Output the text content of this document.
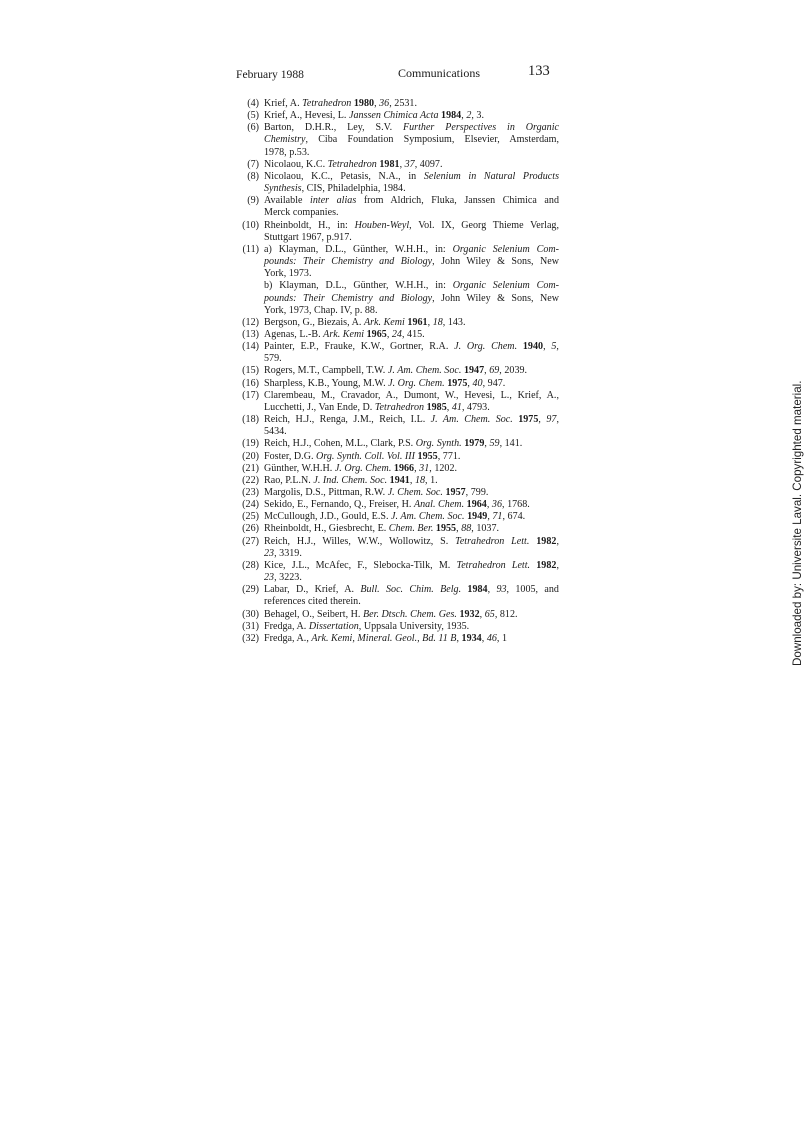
February 1988	Communications	133
(4) Krief, A. Tetrahedron 1980, 36, 2531.
(5) Krief, A., Hevesi, L. Janssen Chimica Acta 1984, 2, 3.
(6) Barton, D.H.R., Ley, S.V. Further Perspectives in Organic
Chemistry, Ciba Foundation Symposium, Elsevier, Amsterdam,
1978, p.53.
(7) Nicolaou, K.C. Tetrahedron 1981, 37, 4097.
(8) Nicolaou, K.C., Petasis, N.A., in Selenium in Natural Products
Synthesis, CIS, Philadelphia, 1984.
(9) Available inter alias from Aldrich, Fluka, Janssen Chimica and
Merck companies.
(10) Rheinboldt, H., in: Houben-Weyl, Vol. IX, Georg Thieme Verlag,
Stuttgart 1967, p.917.
(11) a) Klayman, D.L., Günther, W.H.H., in: Organic Selenium Com-
pounds: Their Chemistry and Biology, John Wiley & Sons, New
York, 1973.
b) Klayman, D.L., Günther, W.H.H., in: Organic Selenium Com-
pounds: Their Chemistry and Biology, John Wiley & Sons, New
York, 1973, Chap. IV, p. 88.
(12) Bergson, G., Biezais, A. Ark. Kemi 1961, 18, 143.
(13) Agenas, L.-B. Ark. Kemi 1965, 24, 415.
(14) Painter, E.P., Frauke, K.W., Gortner, R.A. J. Org. Chem. 1940, 5,
579.
(15) Rogers, M.T., Campbell, T.W. J. Am. Chem. Soc. 1947, 69, 2039.
(16) Sharpless, K.B., Young, M.W. J. Org. Chem. 1975, 40, 947.
(17) Clarembeau, M., Cravador, A., Dumont, W., Hevesi, L., Krief, A.,
Lucchetti, J., Van Ende, D. Tetrahedron 1985, 41, 4793.
(18) Reich, H.J., Renga, J.M., Reich, I.L. J. Am. Chem. Soc. 1975, 97,
5434.
(19) Reich, H.J., Cohen, M.L., Clark, P.S. Org. Synth. 1979, 59, 141.
(20) Foster, D.G. Org. Synth. Coll. Vol. III 1955, 771.
(21) Günther, W.H.H. J. Org. Chem. 1966, 31, 1202.
(22) Rao, P.L.N. J. Ind. Chem. Soc. 1941, 18, 1.
(23) Margolis, D.S., Pittman, R.W. J. Chem. Soc. 1957, 799.
(24) Sekido, E., Fernando, Q., Freiser, H. Anal. Chem. 1964, 36, 1768.
(25) McCullough, J.D., Gould, E.S. J. Am. Chem. Soc. 1949, 71, 674.
(26) Rheinboldt, H., Giesbrecht, E. Chem. Ber. 1955, 88, 1037.
(27) Reich, H.J., Willes, W.W., Wollowitz, S. Tetrahedron Lett. 1982,
23, 3319.
(28) Kice, J.L., McAfec, F., Slebocka-Tilk, M. Tetrahedron Lett. 1982,
23, 3223.
(29) Labar, D., Krief, A. Bull. Soc. Chim. Belg. 1984, 93, 1005, and
references cited therein.
(30) Behagel, O., Seibert, H. Ber. Dtsch. Chem. Ges. 1932, 65, 812.
(31) Fredga, A. Dissertation, Uppsala University, 1935.
(32) Fredga, A., Ark. Kemi, Mineral. Geol., Bd. 11 B, 1934, 46, 1	Downloaded by: Universite Laval. Copyrighted material.
